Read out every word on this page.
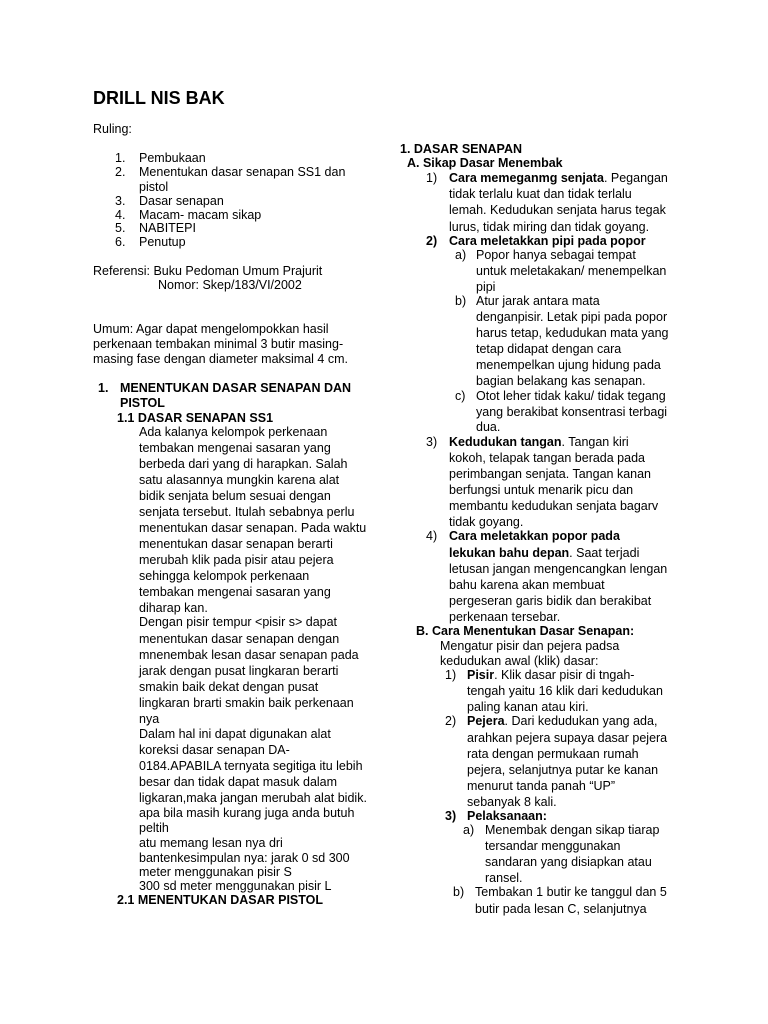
DRILL NIS BAK
Ruling:
1. Pembukaan
2. Menentukan dasar senapan SS1 dan
pistol
3. Dasar senapan
4. Macam- macam sikap
5. NABITEPI
6. Penutup
Referensi: Buku Pedoman Umum Prajurit
Nomor: Skep/183/VI/2002
Umum: Agar dapat mengelompokkan hasil
perkenaan tembakan minimal 3 butir masing-
masing fase dengan diameter maksimal 4 cm.
1. MENENTUKAN DASAR SENAPAN DAN
PISTOL
1.1 DASAR SENAPAN SS1
Ada kalanya kelompok perkenaan
tembakan mengenai sasaran yang
berbeda dari yang di harapkan. Salah
satu alasannya mungkin karena alat
bidik senjata belum sesuai dengan
senjata tersebut. Itulah sebabnya perlu
menentukan dasar senapan. Pada waktu
menentukan dasar senapan berarti
merubah klik pada pisir atau pejera
sehingga kelompok perkenaan
tembakan mengenai sasaran yang
diharap kan.
Dengan pisir tempur <pisir s> dapat
menentukan dasar senapan dengan
mnenembak lesan dasar senapan pada
jarak dengan pusat lingkaran berarti
smakin baik dekat dengan pusat
lingkaran brarti smakin baik perkenaan
nya
Dalam hal ini dapat digunakan alat
koreksi dasar senapan DA-
0184.APABILA ternyata segitiga itu lebih
besar dan tidak dapat masuk dalam
ligkaran,maka jangan merubah alat bidik.
apa bila masih kurang juga anda butuh
peltih
atu memang lesan nya dri
bantenkesimpulan nya: jarak 0 sd 300
meter menggunakan pisir S
300 sd meter menggunakan pisir L
2.1 MENENTUKAN DASAR PISTOL
1. DASAR SENAPAN
A. Sikap Dasar Menembak
1) Cara memeganmg senjata. Pegangan
tidak terlalu kuat dan tidak terlalu
lemah. Kedudukan senjata harus tegak
lurus, tidak miring dan tidak goyang.
2) Cara meletakkan pipi pada popor
a) Popor hanya sebagai tempat
untuk meletakakan/ menempelkan
pipi
b) Atur jarak antara mata
denganpisir. Letak pipi pada popor
harus tetap, kedudukan mata yang
tetap didapat dengan cara
menempelkan ujung hidung pada
bagian belakang kas senapan.
c) Otot leher tidak kaku/ tidak tegang
yang berakibat konsentrasi terbagi
dua.
3) Kedudukan tangan. Tangan kiri
kokoh, telapak tangan berada pada
perimbangan senjata. Tangan kanan
berfungsi untuk menarik picu dan
membantu kedudukan senjata bagarv
tidak goyang.
4) Cara meletakkan popor pada
lekukan bahu depan. Saat terjadi
letusan jangan mengencangkan lengan
bahu karena akan membuat
pergeseran garis bidik dan berakibat
perkenaan tersebar.
B. Cara Menentukan Dasar Senapan:
Mengatur pisir dan pejera padsa
kedudukan awal (klik) dasar:
1) Pisir. Klik dasar pisir di tngah-
tengah yaitu 16 klik dari kedudukan
paling kanan atau kiri.
2) Pejera. Dari kedudukan yang ada,
arahkan pejera supaya dasar pejera
rata dengan permukaan rumah
pejera, selanjutnya putar ke kanan
menurut tanda panah “UP”
sebanyak 8 kali.
3) Pelaksanaan:
a) Menembak dengan sikap tiarap
tersandar menggunakan
sandaran yang disiapkan atau
ransel.
b) Tembakan 1 butir ke tanggul dan 5
butir pada lesan C, selanjutnya
